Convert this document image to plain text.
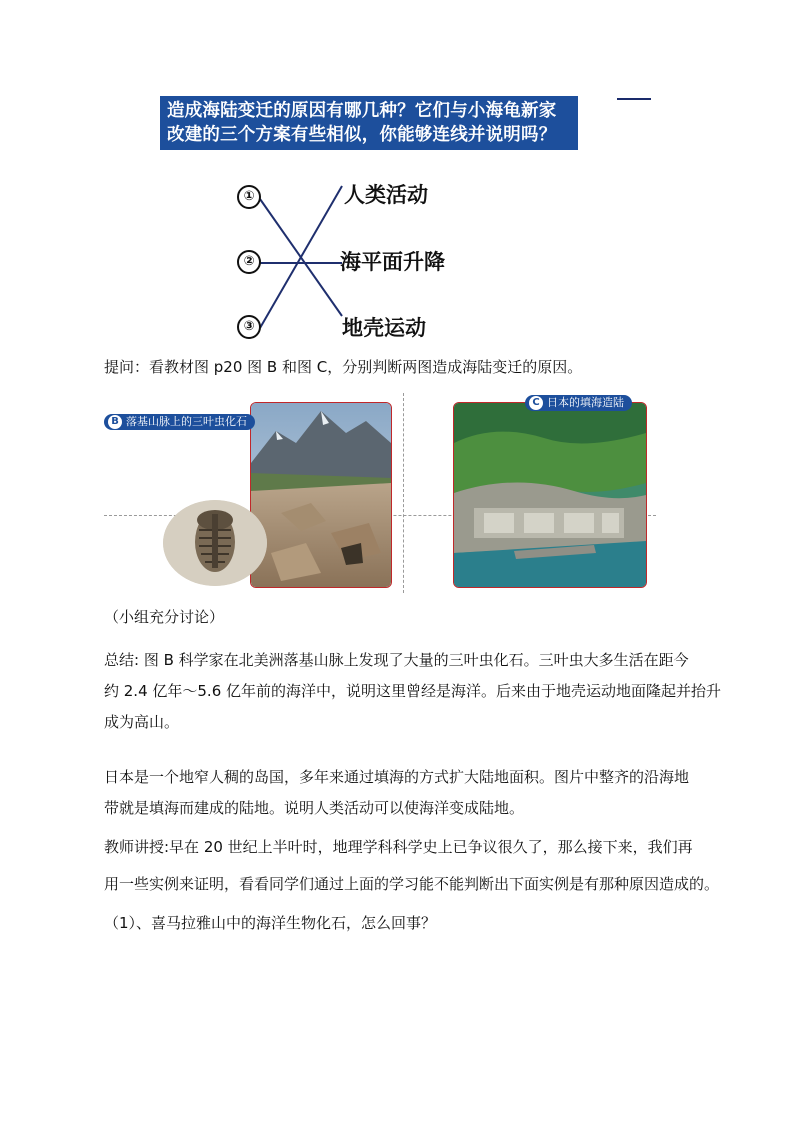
造成海陆变迁的原因有哪几种？它们与小海龟新家
改建的三个方案有些相似，你能够连线并说明吗？
①
②
③
人类活动
海平面升降
地壳运动
提问：看教材图 p20 图 B 和图 C，分别判断两图造成海陆变迁的原因。
B 落基山脉上的三叶虫化石
C 日本的填海造陆
（小组充分讨论）
总结: 图 B 科学家在北美洲落基山脉上发现了大量的三叶虫化石。三叶虫大多生活在距今
约 2.4 亿年～5.6 亿年前的海洋中，说明这里曾经是海洋。后来由于地壳运动地面隆起并抬升
成为高山。
日本是一个地窄人稠的岛国，多年来通过填海的方式扩大陆地面积。图片中整齐的沿海地
带就是填海而建成的陆地。说明人类活动可以使海洋变成陆地。
教师讲授:早在 20 世纪上半叶时，地理学科科学史上已争议很久了，那么接下来，我们再
用一些实例来证明，看看同学们通过上面的学习能不能判断出下面实例是有那种原因造成的。
（1）、喜马拉雅山中的海洋生物化石，怎么回事？
